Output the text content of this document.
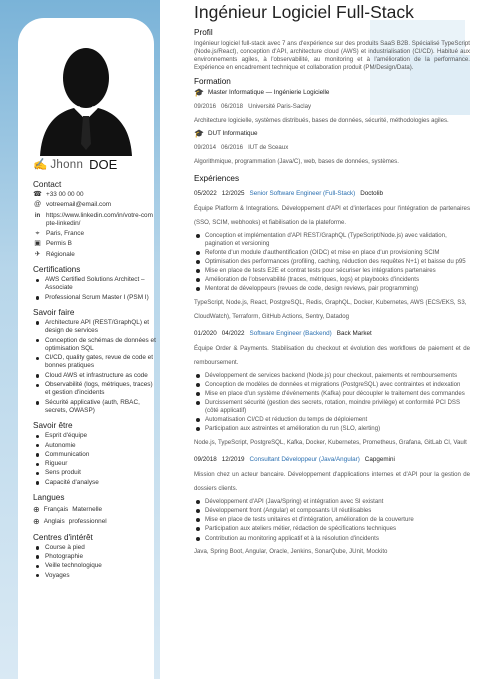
✍ Jhonn DOE
Contact
☎ +33 00 00 00
@ votreemail@email.com
in https://www.linkedin.com/in/votre-com pte-linkedin/
⌖	Paris, France
▣ Permis B
✈ Régionale
Certifications
AWS Certified Solutions Architect – Associate
Professional Scrum Master I (PSM I)
Savoir faire
Architecture API (REST/GraphQL) et design de services
Conception de schémas de données et optimisation SQL
CI/CD, quality gates, revue de code et bonnes pratiques
Cloud AWS et infrastructure as code
Observabilité (logs, métriques, traces) et gestion d'incidents
Sécurité applicative (auth, RBAC, secrets, OWASP)
Savoir être
Esprit d'équipe
Autonomie
Communication
Rigueur
Sens produit
Capacité d'analyse
Langues
⊕ Français Maternelle
⊕ Anglais professionnel
Centres d'intérêt
Course à pied
Photographie
Veille technologique
Voyages
Ingénieur Logiciel Full-Stack
Profil
Ingénieur logiciel full-stack avec 7 ans d'expérience sur des produits SaaS B2B. Spécialisé TypeScript (Node.js/React), conception d'API, architecture cloud (AWS) et industrialisation (CI/CD). Habitué aux environnements agiles, à l'observabilité, au monitoring et à l'amélioration de la performance. Expérience en encadrement technique et collaboration produit (PM/Design/Data).
Formation
🎓 Master Informatique — Ingénierie Logicielle
09/2016 06/2018 Université Paris-Saclay
Architecture logicielle, systèmes distribués, bases de données, sécurité, méthodologies agiles.
🎓 DUT Informatique
09/2014 06/2016 IUT de Sceaux
Algorithmique, programmation (Java/C), web, bases de données, systèmes.
Expériences
05/2022 12/2025 Senior Software Engineer (Full-Stack) Doctolib
Équipe Platform & Integrations. Développement d'API et d'interfaces pour l'intégration de partenaires (SSO, SCIM, webhooks) et fiabilisation de la plateforme.
Conception et implémentation d'API REST/GraphQL (TypeScript/Node.js) avec validation, pagination et versioning
Refonte d'un module d'authentification (OIDC) et mise en place d'un provisioning SCIM
Optimisation des performances (profiling, caching, réduction des requêtes N+1) et baisse du p95
Mise en place de tests E2E et contrat tests pour sécuriser les intégrations partenaires
Amélioration de l'observabilité (traces, métriques, logs) et playbooks d'incidents
Mentorat de développeurs (revues de code, design reviews, pair programming)
TypeScript, Node.js, React, PostgreSQL, Redis, GraphQL, Docker, Kubernetes, AWS (ECS/EKS, S3, CloudWatch), Terraform, GitHub Actions, Sentry, Datadog
01/2020 04/2022 Software Engineer (Backend) Back Market
Équipe Order & Payments. Stabilisation du checkout et évolution des workflows de paiement et de remboursement.
Développement de services backend (Node.js) pour checkout, paiements et remboursements
Conception de modèles de données et migrations (PostgreSQL) avec contraintes et indexation
Mise en place d'un système d'événements (Kafka) pour découpler le traitement des commandes
Durcissement sécurité (gestion des secrets, rotation, moindre privilège) et conformité PCI DSS (côté applicatif)
Automatisation CI/CD et réduction du temps de déploiement
Participation aux astreintes et amélioration du run (SLO, alerting)
Node.js, TypeScript, PostgreSQL, Kafka, Docker, Kubernetes, Prometheus, Grafana, GitLab CI, Vault
09/2018 12/2019 Consultant Développeur (Java/Angular) Capgemini
Mission chez un acteur bancaire. Développement d'applications internes et d'API pour la gestion de dossiers clients.
Développement d'API (Java/Spring) et intégration avec SI existant
Développement front (Angular) et composants UI réutilisables
Mise en place de tests unitaires et d'intégration, amélioration de la couverture
Participation aux ateliers métier, rédaction de spécifications techniques
Contribution au monitoring applicatif et à la résolution d'incidents
Java, Spring Boot, Angular, Oracle, Jenkins, SonarQube, JUnit, Mockito
